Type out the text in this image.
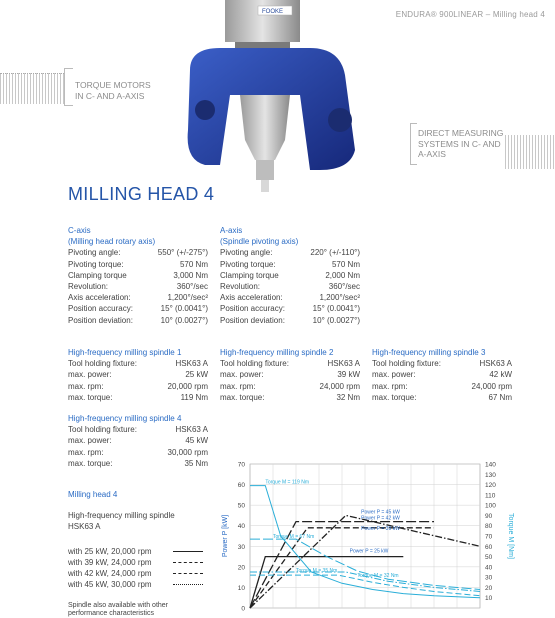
ENDURA® 900LINEAR – Milling head 4
FOOKE
TORQUE MOTORS
IN C- AND A-AXIS
DIRECT MEASURING
SYSTEMS IN C- AND
A-AXIS
MILLING HEAD 4
C-axis
(Milling head rotary axis)
Pivoting angle:	550° (+/-275°)
Pivoting torque:	570 Nm
Clamping torque	3,000 Nm
Revolution:	360°/sec
Axis acceleration:	1,200°/sec²
Position accuracy:	15° (0.0041°)
Position deviation:	10° (0.0027°)
A-axis
(Spindle pivoting axis)
Pivoting angle:	220° (+/-110°)
Pivoting torque:	570 Nm
Clamping torque	2,000 Nm
Revolution:	360°/sec
Axis acceleration:	1,200°/sec²
Position accuracy:	15° (0.0041°)
Position deviation:	10° (0.0027°)
High-frequency milling spindle 1
Tool holding fixture:	HSK63 A
max. power:	25 kW
max. rpm:	20,000 rpm
max. torque:	119 Nm
High-frequency milling spindle 2
Tool holding fixture:	HSK63 A
max. power:	39 kW
max. rpm:	24,000 rpm
max. torque:	32 Nm
High-frequency milling spindle 3
Tool holding fixture:	HSK63 A
max. power:	42 kW
max. rpm:	24,000 rpm
max. torque:	67 Nm
High-frequency milling spindle 4
Tool holding fixture:	HSK63 A
max. power:	45 kW
max. rpm:	30,000 rpm
max. torque:	35 Nm
Milling head 4
High-frequency milling spindle
HSK63 A
with 25 kW, 20,000 rpm
with 39 kW, 24,000 rpm
with 42 kW, 24,000 rpm
with 45 kW, 30,000 rpm
Spindle also available with other performance characteristics
0
10
20
30
40
50
60
70
10
20
30
40
50
60
70
80
90
100
110
120
130
140
Power P [kW]	Torque M [Nm]
Torque M = 119 Nm
Power P = 45 kW
Power P = 42 kW
Power P = 39 kW
Power P = 25 kW
Torque M = 67 Nm
Torque M = 35 Nm
Torque M = 32 Nm
